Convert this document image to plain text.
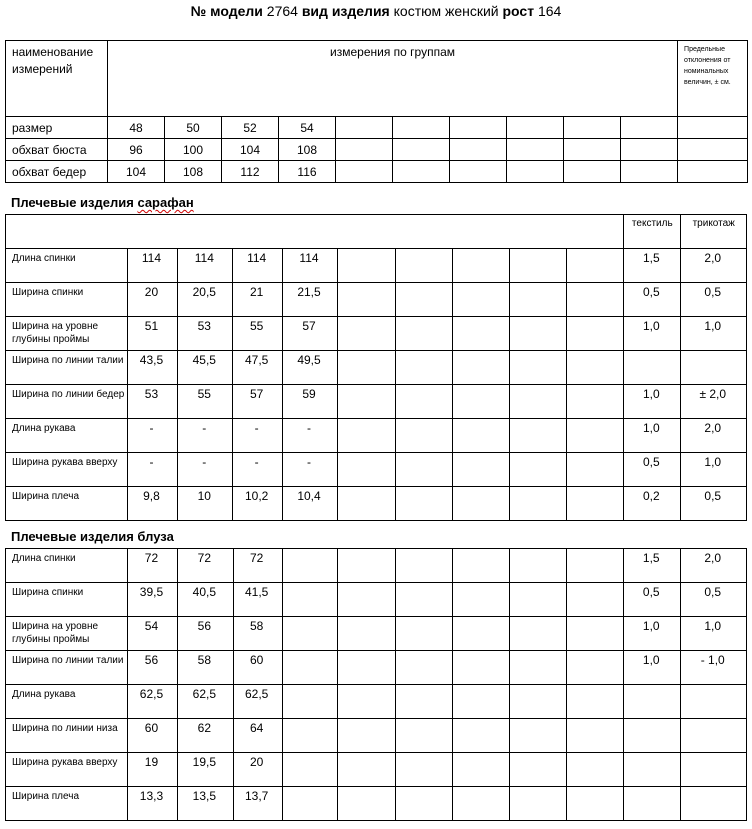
№ модели 2764 вид изделия костюм женский рост 164
наименование измерений	измерения по группам										Предельные отклонения от номинальных величин, ± см.
размер	48	50	52	54							
обхват бюста	96	100	104	108							
обхват бедер	104	108	112	116							
Плечевые изделия сарафан
										текстиль	трикотаж
Длина спинки	114	114	114	114						1,5	2,0
Ширина спинки	20	20,5	21	21,5						0,5	0,5
Ширина на уровне глубины проймы	51	53	55	57						1,0	1,0
Ширина по линии талии	43,5	45,5	47,5	49,5							
Ширина по линии бедер	53	55	57	59						1,0	± 2,0
Длина рукава	-	-	-	-						1,0	2,0
Ширина рукава вверху	-	-	-	-						0,5	1,0
Ширина плеча	9,8	10	10,2	10,4						0,2	0,5
Плечевые изделия блуза
Длина спинки	72	72	72							1,5	2,0
Ширина спинки	39,5	40,5	41,5							0,5	0,5
Ширина на уровне глубины проймы	54	56	58							1,0	1,0
Ширина по линии талии	56	58	60							1,0	- 1,0
Длина рукава	62,5	62,5	62,5								
Ширина по линии низа	60	62	64								
Ширина рукава вверху	19	19,5	20								
Ширина плеча	13,3	13,5	13,7								
